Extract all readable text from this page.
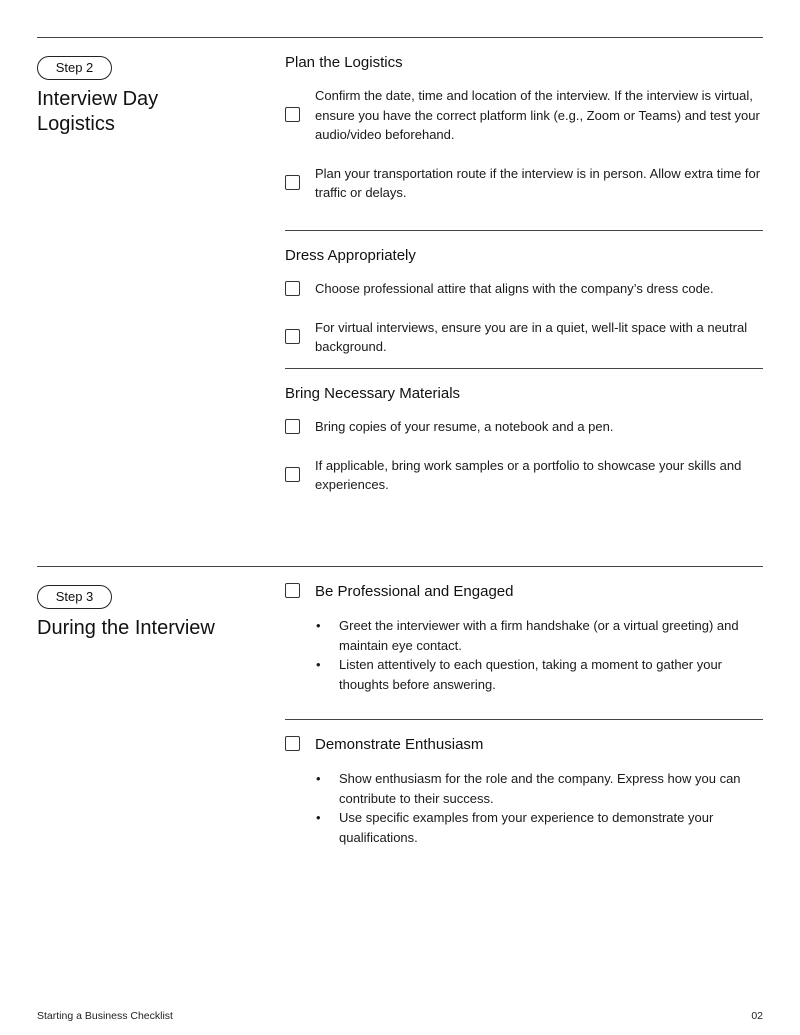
Step 2
Interview Day
Logistics
Plan the Logistics
Confirm the date, time and location of the interview. If the interview is virtual, ensure you have the correct platform link (e.g., Zoom or Teams) and test your audio/video beforehand.
Plan your transportation route if the interview is in person. Allow extra time for traffic or delays.
Dress Appropriately
Choose professional attire that aligns with the company’s dress code.
For virtual interviews, ensure you are in a quiet, well-lit space with a neutral background.
Bring Necessary Materials
Bring copies of your resume, a notebook and a pen.
If applicable, bring work samples or a portfolio to showcase your skills and experiences.
Step 3
During the Interview
Be Professional and Engaged
• Greet the interviewer with a firm handshake (or a virtual greeting) and maintain eye contact.
• Listen attentively to each question, taking a moment to gather your thoughts before answering.
Demonstrate Enthusiasm
• Show enthusiasm for the role and the company. Express how you can contribute to their success.
• Use specific examples from your experience to demonstrate your qualifications.
Starting a Business Checklist	02
